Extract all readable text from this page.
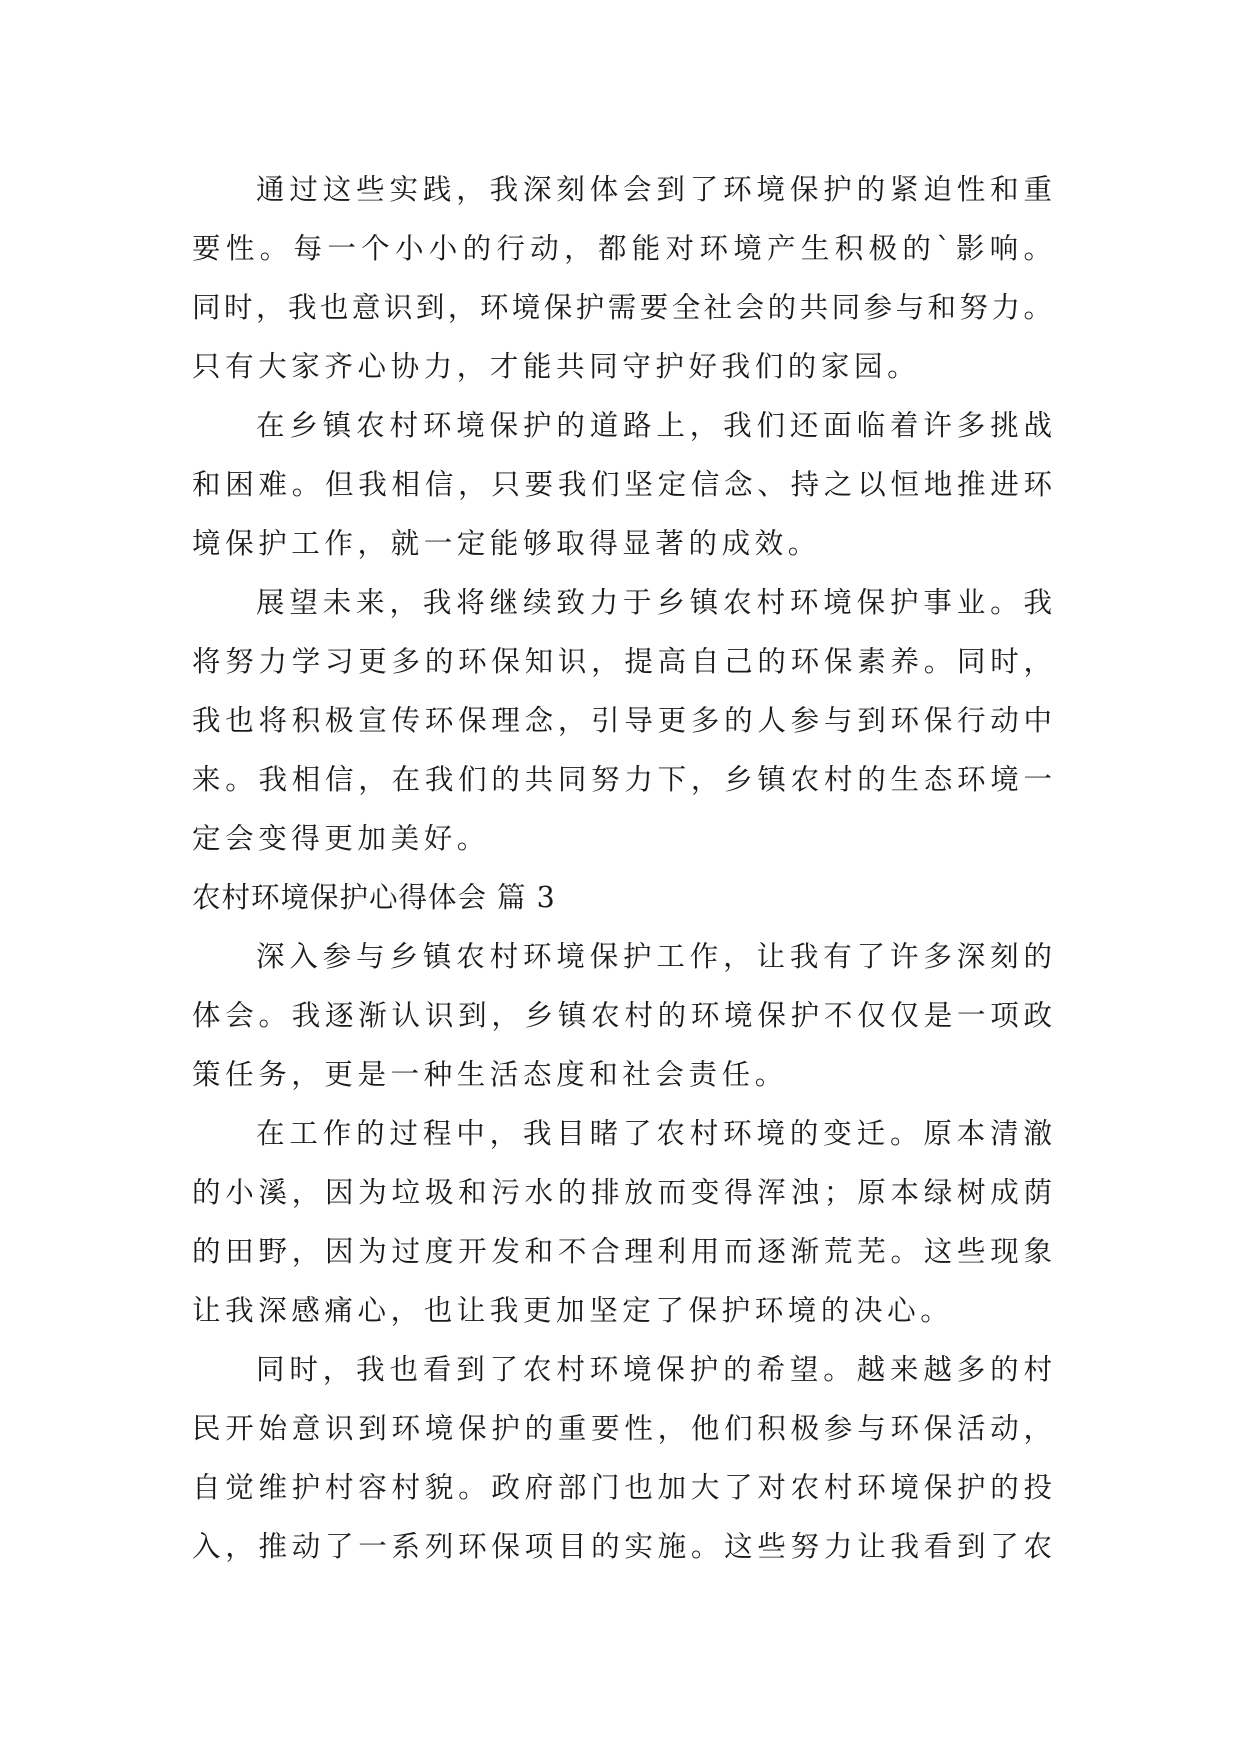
通过这些实践，我深刻体会到了环境保护的紧迫性和重
要性。每一个小小的行动，都能对环境产生积极的`影响。
同时，我也意识到，环境保护需要全社会的共同参与和努力。
只有大家齐心协力，才能共同守护好我们的家园。
在乡镇农村环境保护的道路上，我们还面临着许多挑战
和困难。但我相信，只要我们坚定信念、持之以恒地推进环
境保护工作，就一定能够取得显著的成效。
展望未来，我将继续致力于乡镇农村环境保护事业。我
将努力学习更多的环保知识，提高自己的环保素养。同时，
我也将积极宣传环保理念，引导更多的人参与到环保行动中
来。我相信，在我们的共同努力下，乡镇农村的生态环境一
定会变得更加美好。
农村环境保护心得体会 篇 3
深入参与乡镇农村环境保护工作，让我有了许多深刻的
体会。我逐渐认识到，乡镇农村的环境保护不仅仅是一项政
策任务，更是一种生活态度和社会责任。
在工作的过程中，我目睹了农村环境的变迁。原本清澈
的小溪，因为垃圾和污水的排放而变得浑浊；原本绿树成荫
的田野，因为过度开发和不合理利用而逐渐荒芜。这些现象
让我深感痛心，也让我更加坚定了保护环境的决心。
同时，我也看到了农村环境保护的希望。越来越多的村
民开始意识到环境保护的重要性，他们积极参与环保活动，
自觉维护村容村貌。政府部门也加大了对农村环境保护的投
入，推动了一系列环保项目的实施。这些努力让我看到了农
